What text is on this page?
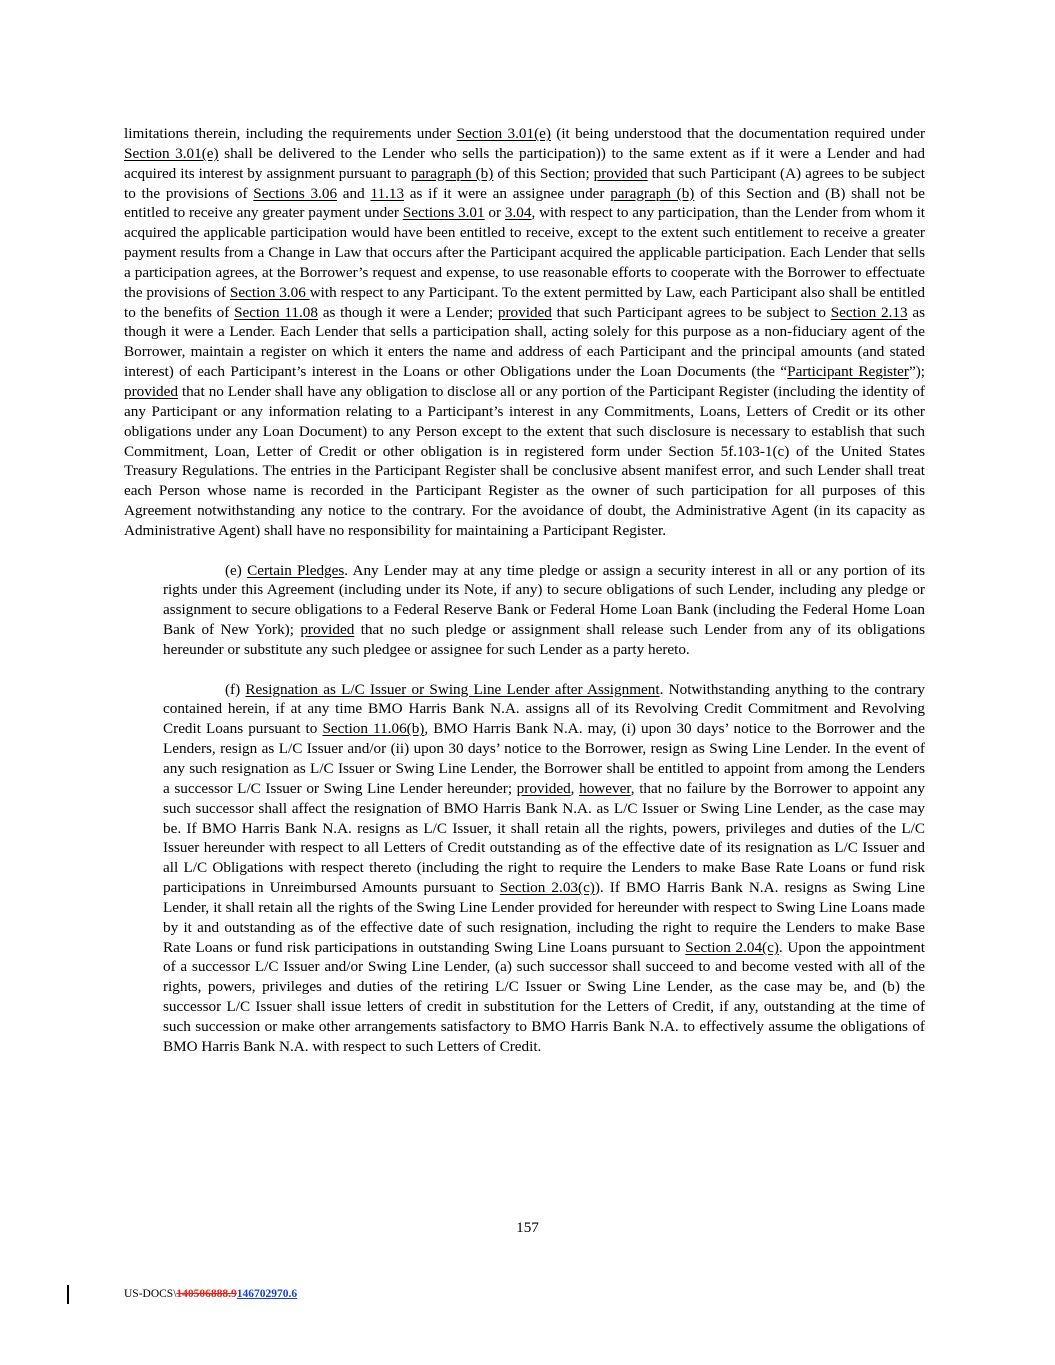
limitations therein, including the requirements under Section 3.01(e) (it being understood that the documentation required under Section 3.01(e) shall be delivered to the Lender who sells the participation)) to the same extent as if it were a Lender and had acquired its interest by assignment pursuant to paragraph (b) of this Section; provided that such Participant (A) agrees to be subject to the provisions of Sections 3.06 and 11.13 as if it were an assignee under paragraph (b) of this Section and (B) shall not be entitled to receive any greater payment under Sections 3.01 or 3.04, with respect to any participation, than the Lender from whom it acquired the applicable participation would have been entitled to receive, except to the extent such entitlement to receive a greater payment results from a Change in Law that occurs after the Participant acquired the applicable participation. Each Lender that sells a participation agrees, at the Borrower’s request and expense, to use reasonable efforts to cooperate with the Borrower to effectuate the provisions of Section 3.06 with respect to any Participant. To the extent permitted by Law, each Participant also shall be entitled to the benefits of Section 11.08 as though it were a Lender; provided that such Participant agrees to be subject to Section 2.13 as though it were a Lender. Each Lender that sells a participation shall, acting solely for this purpose as a non-fiduciary agent of the Borrower, maintain a register on which it enters the name and address of each Participant and the principal amounts (and stated interest) of each Participant’s interest in the Loans or other Obligations under the Loan Documents (the “Participant Register”); provided that no Lender shall have any obligation to disclose all or any portion of the Participant Register (including the identity of any Participant or any information relating to a Participant’s interest in any Commitments, Loans, Letters of Credit or its other obligations under any Loan Document) to any Person except to the extent that such disclosure is necessary to establish that such Commitment, Loan, Letter of Credit or other obligation is in registered form under Section 5f.103-1(c) of the United States Treasury Regulations. The entries in the Participant Register shall be conclusive absent manifest error, and such Lender shall treat each Person whose name is recorded in the Participant Register as the owner of such participation for all purposes of this Agreement notwithstanding any notice to the contrary. For the avoidance of doubt, the Administrative Agent (in its capacity as Administrative Agent) shall have no responsibility for maintaining a Participant Register.

(e) Certain Pledges. Any Lender may at any time pledge or assign a security interest in all or any portion of its rights under this Agreement (including under its Note, if any) to secure obligations of such Lender, including any pledge or assignment to secure obligations to a Federal Reserve Bank or Federal Home Loan Bank (including the Federal Home Loan Bank of New York); provided that no such pledge or assignment shall release such Lender from any of its obligations hereunder or substitute any such pledgee or assignee for such Lender as a party hereto.

(f) Resignation as L/C Issuer or Swing Line Lender after Assignment. Notwithstanding anything to the contrary contained herein, if at any time BMO Harris Bank N.A. assigns all of its Revolving Credit Commitment and Revolving Credit Loans pursuant to Section 11.06(b), BMO Harris Bank N.A. may, (i) upon 30 days’ notice to the Borrower and the Lenders, resign as L/C Issuer and/or (ii) upon 30 days’ notice to the Borrower, resign as Swing Line Lender. In the event of any such resignation as L/C Issuer or Swing Line Lender, the Borrower shall be entitled to appoint from among the Lenders a successor L/C Issuer or Swing Line Lender hereunder; provided, however, that no failure by the Borrower to appoint any such successor shall affect the resignation of BMO Harris Bank N.A. as L/C Issuer or Swing Line Lender, as the case may be. If BMO Harris Bank N.A. resigns as L/C Issuer, it shall retain all the rights, powers, privileges and duties of the L/C Issuer hereunder with respect to all Letters of Credit outstanding as of the effective date of its resignation as L/C Issuer and all L/C Obligations with respect thereto (including the right to require the Lenders to make Base Rate Loans or fund risk participations in Unreimbursed Amounts pursuant to Section 2.03(c)). If BMO Harris Bank N.A. resigns as Swing Line Lender, it shall retain all the rights of the Swing Line Lender provided for hereunder with respect to Swing Line Loans made by it and outstanding as of the effective date of such resignation, including the right to require the Lenders to make Base Rate Loans or fund risk participations in outstanding Swing Line Loans pursuant to Section 2.04(c). Upon the appointment of a successor L/C Issuer and/or Swing Line Lender, (a) such successor shall succeed to and become vested with all of the rights, powers, privileges and duties of the retiring L/C Issuer or Swing Line Lender, as the case may be, and (b) the successor L/C Issuer shall issue letters of credit in substitution for the Letters of Credit, if any, outstanding at the time of such succession or make other arrangements satisfactory to BMO Harris Bank N.A. to effectively assume the obligations of BMO Harris Bank N.A. with respect to such Letters of Credit.

157
US-DOCS\140506888.9146702970.6
